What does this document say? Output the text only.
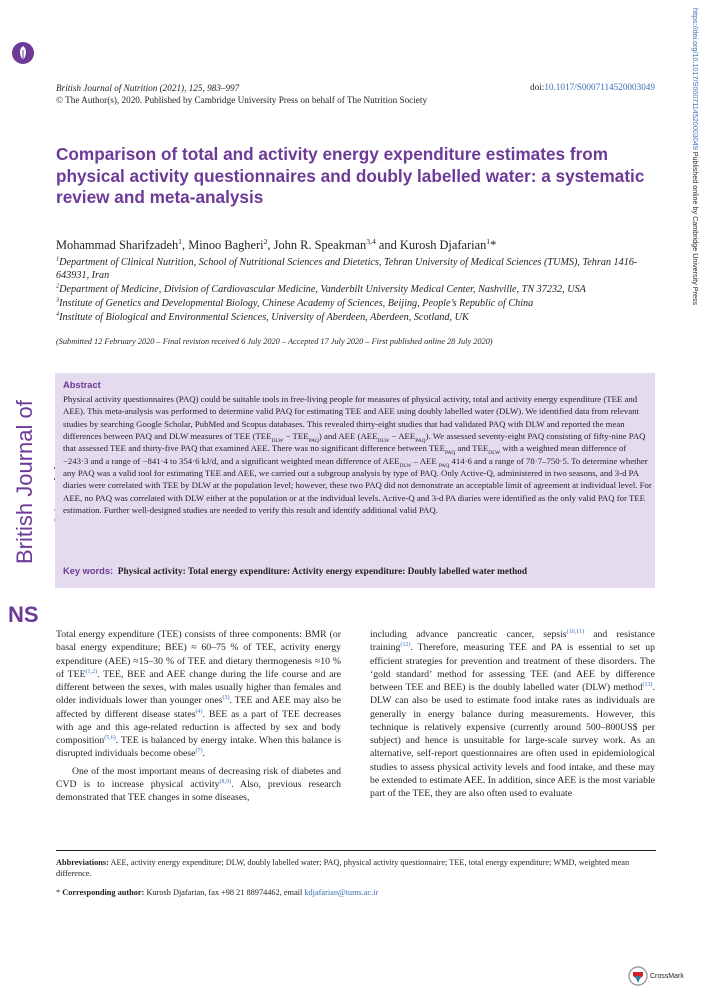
https://doi.org/10.1017/S0007114520003049 Published online by Cambridge University Press
British Journal of
NS
British Journal of Nutrition (2021), 125, 983–997
© The Author(s), 2020. Published by Cambridge University Press on behalf of The Nutrition Society
doi:10.1017/S0007114520003049
Comparison of total and activity energy expenditure estimates from physical activity questionnaires and doubly labelled water: a systematic review and meta-analysis
Mohammad Sharifzadeh$^1$, Minoo Bagheri$^2$, John R. Speakman$^{3,4}$ and Kurosh Djafarian$^1$*
$^1$Department of Clinical Nutrition, School of Nutritional Sciences and Dietetics, Tehran University of Medical Sciences (TUMS), Tehran 1416-643931, Iran
$^2$Department of Medicine, Division of Cardiovascular Medicine, Vanderbilt University Medical Center, Nashville, TN 37232, USA
$^3$Institute of Genetics and Developmental Biology, Chinese Academy of Sciences, Beijing, People’s Republic of China
$^4$Institute of Biological and Environmental Sciences, University of Aberdeen, Aberdeen, Scotland, UK
(Submitted 12 February 2020 – Final revision received 6 July 2020 – Accepted 17 July 2020 – First published online 28 July 2020)
Abstract
Physical activity questionnaires (PAQ) could be suitable tools in free-living people for measures of physical activity, total and activity energy expenditure (TEE and AEE). This meta-analysis was performed to determine valid PAQ for estimating TEE and AEE using doubly labelled water (DLW). We identified data from relevant studies by searching Google Scholar, PubMed and Scopus databases. This revealed thirty-eight studies that had validated PAQ with DLW and reported the mean differences between PAQ and DLW measures of TEE $(TEE_{DLW} - TEE_{PAQ})$ and AEE $(AEE_{DLW} - AEE_{PAQ})$. We assessed seventy-eight PAQ consisting of fifty-nine PAQ that assessed TEE and thirty-five PAQ that examined AEE. There was no significant difference between $TEE_{PAQ}$ and $TEE_{DLW}$ with a weighted mean difference of −243·3 and a range of −841·4 to 354·6 kJ/d, and a significant weighted mean difference of $AEE_{DLW}$ – AEE $_{PAQ}$ 414·6 and a range of 78·7–750·5. To determine whether any PAQ was a valid tool for estimating TEE and AEE, we carried out a subgroup analysis by type of PAQ. Only Active-Q, administered in two seasons, and 3-d PA diaries were correlated with TEE by DLW at the population level; however, these two PAQ did not demonstrate an acceptable limit of agreement at individual level. For AEE, no PAQ was correlated with DLW either at the population or at the individual levels. Active-Q and 3-d PA diaries were identified as the only valid PAQ for TEE estimation. Further well-designed studies are needed to verify this result and identify additional valid PAQ.
Key words: Physical activity: Total energy expenditure: Activity energy expenditure: Doubly labelled water method

Total energy expenditure (TEE) consists of three components: BMR (or basal energy expenditure; BEE) ≈ 60–75 % of TEE, activity energy expenditure (AEE) ≈15–30 % of TEE and dietary thermogenesis ≈10 % of TEE$^{(1,2)}$. TEE, BEE and AEE change during the life course and are different between the sexes, with males usually higher than females and older individuals lower than younger ones$^{(3)}$. TEE and AEE may also be affected by different disease states$^{(4)}$. BEE as a part of TEE decreases with age and this age-related reduction is affected by sex and body composition$^{(5,6)}$. TEE is balanced by energy intake. When this balance is disrupted individuals become obese$^{(7)}$.

One of the most important means of decreasing risk of diabetes and CVD is to increase physical activity$^{(8,9)}$. Also, previous research demonstrated that TEE changes in some diseases,

including advance pancreatic cancer, sepsis$^{(10,11)}$ and resistance training$^{(12)}$. Therefore, measuring TEE and PA is essential to set up efficient strategies for prevention and treatment of these disorders. The ‘gold standard’ method for assessing TEE (and AEE by difference between TEE and BEE) is the doubly labelled water (DLW) method$^{(13)}$. DLW can also be used to estimate food intake rates as individuals are generally in energy balance during measurements. However, this technique is relatively expensive (currently around 500–800US$ per subject) and hence is unsuitable for large-scale survey work. As an alternative, self-report questionnaires are often used in epidemiological studies to assess physical activity levels and food intake, and these may be extended to estimate AEE. In addition, since AEE is the most variable part of the TEE, they are also often used to evaluate

Abbreviations: AEE, activity energy expenditure; DLW, doubly labelled water; PAQ, physical activity questionnaire; TEE, total energy expenditure; WMD, weighted mean difference.
* Corresponding author: Kurosh Djafarian, fax +98 21 88974462, email kdjafarian@tums.ac.ir
CrossMark
